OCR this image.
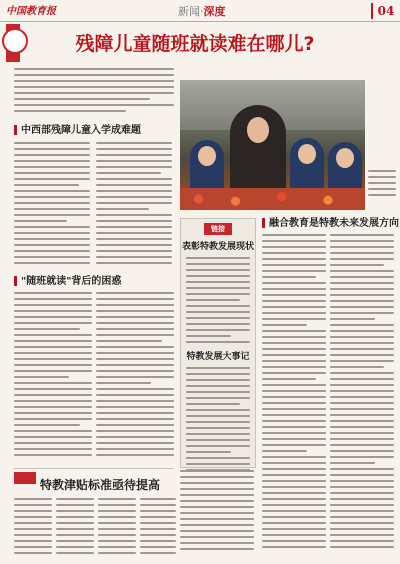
中国教育报	新闻·深度	04
残障儿童随班就读难在哪儿?
中西部残障儿童入学成难题
"随班就读"背后的困惑
链接
表彰特教发展现状
特教发展大事记
融合教育是特教未来发展方向
特教津贴标准亟待提高
